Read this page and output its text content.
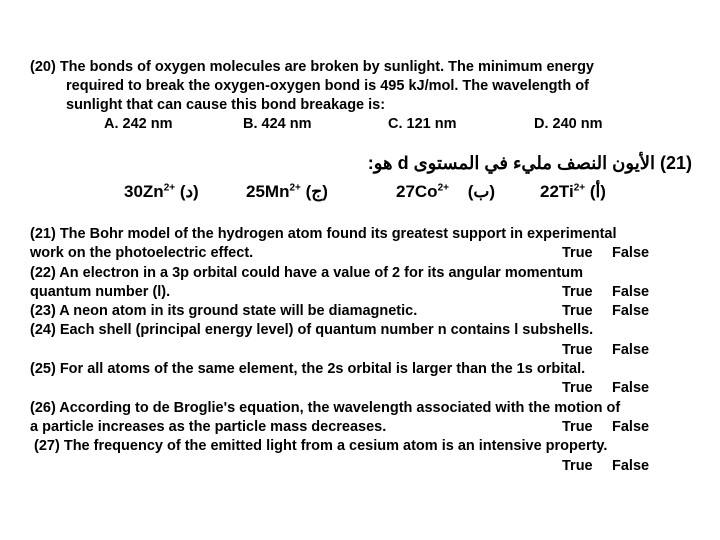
(20) The bonds of oxygen molecules are broken by sunlight. The minimum energy
required to break the oxygen-oxygen bond is 495 kJ/mol. The wavelength of
sunlight that can cause this bond breakage is:
A. 242 nm	B. 424 nm	C. 121 nm	D. 240 nm
(21) الأيون النصف مليء في المستوى d هو:
$22Ti^{2+}$ (أ)
$27Co^{2+}$ (ب)
$25Mn^{2+}$ (ج)
$30Zn^{2+}$ (د)
(21) The Bohr model of the hydrogen atom found its greatest support in experimental
work on the photoelectric effect.
	True False
(22) An electron in a 3p orbital could have a value of 2 for its angular momentum
quantum number (l).
	True False
(23) A neon atom in its ground state will be diamagnetic.
	True False
(24) Each shell (principal energy level) of quantum number n contains l subshells.

True False
(25) For all atoms of the same element, the 2s orbital is larger than the 1s orbital.

True False
(26) According to de Broglie's equation, the wavelength associated with the motion of
a particle increases as the particle mass decreases.
	True False
(27) The frequency of the emitted light from a cesium atom is an intensive property.

True False
